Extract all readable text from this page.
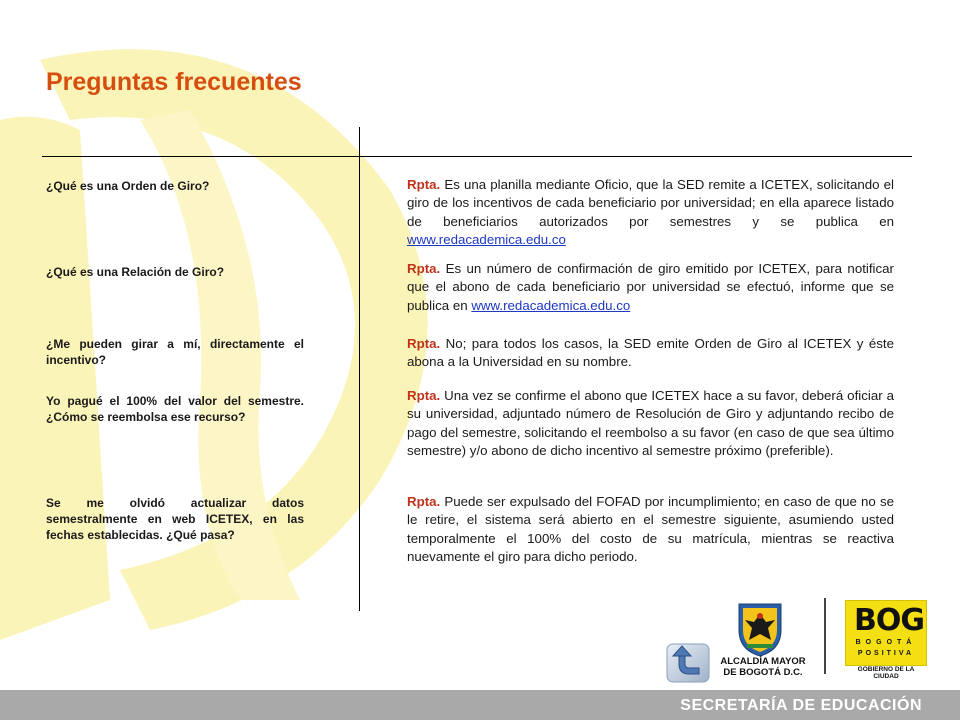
Preguntas frecuentes
¿Qué es una Orden de Giro?	Rpta. Es una planilla mediante Oficio, que la SED remite a ICETEX, solicitando el giro de los incentivos de cada beneficiario por universidad; en ella aparece listado de beneficiarios autorizados por semestres y se publica en www.redacademica.edu.co
¿Qué es una Relación de Giro?	Rpta. Es un número de confirmación de giro emitido por ICETEX, para notificar que el abono de cada beneficiario por universidad se efectuó, informe que se publica en www.redacademica.edu.co
¿Me pueden girar a mí, directamente el incentivo?
Rpta. No; para todos los casos, la SED emite Orden de Giro al ICETEX y éste abona a la Universidad en su nombre.
Yo pagué el 100% del valor del semestre. ¿Cómo se reembolsa ese recurso?
Rpta. Una vez se confirme el abono que ICETEX hace a su favor, deberá oficiar a su universidad, adjuntado número de Resolución de Giro y adjuntando recibo de pago del semestre, solicitando el reembolso a su favor (en caso de que sea último semestre) y/o abono de dicho incentivo al semestre próximo (preferible).
Se me olvidó actualizar datos semestralmente en web ICETEX, en las fechas establecidas. ¿Qué pasa?
Rpta. Puede ser expulsado del FOFAD por incumplimiento; en caso de que no se le retire, el sistema será abierto en el semestre siguiente, asumiendo usted temporalmente el 100% del costo de su matrícula, mientras se reactiva nuevamente el giro para dicho periodo.
ALCALDÍA MAYOR
DE BOGOTÁ D.C.
BOG
BOGOTÁ
POSITIVA
GOBIERNO DE LA CIUDAD
SECRETARÍA DE EDUCACIÓN
